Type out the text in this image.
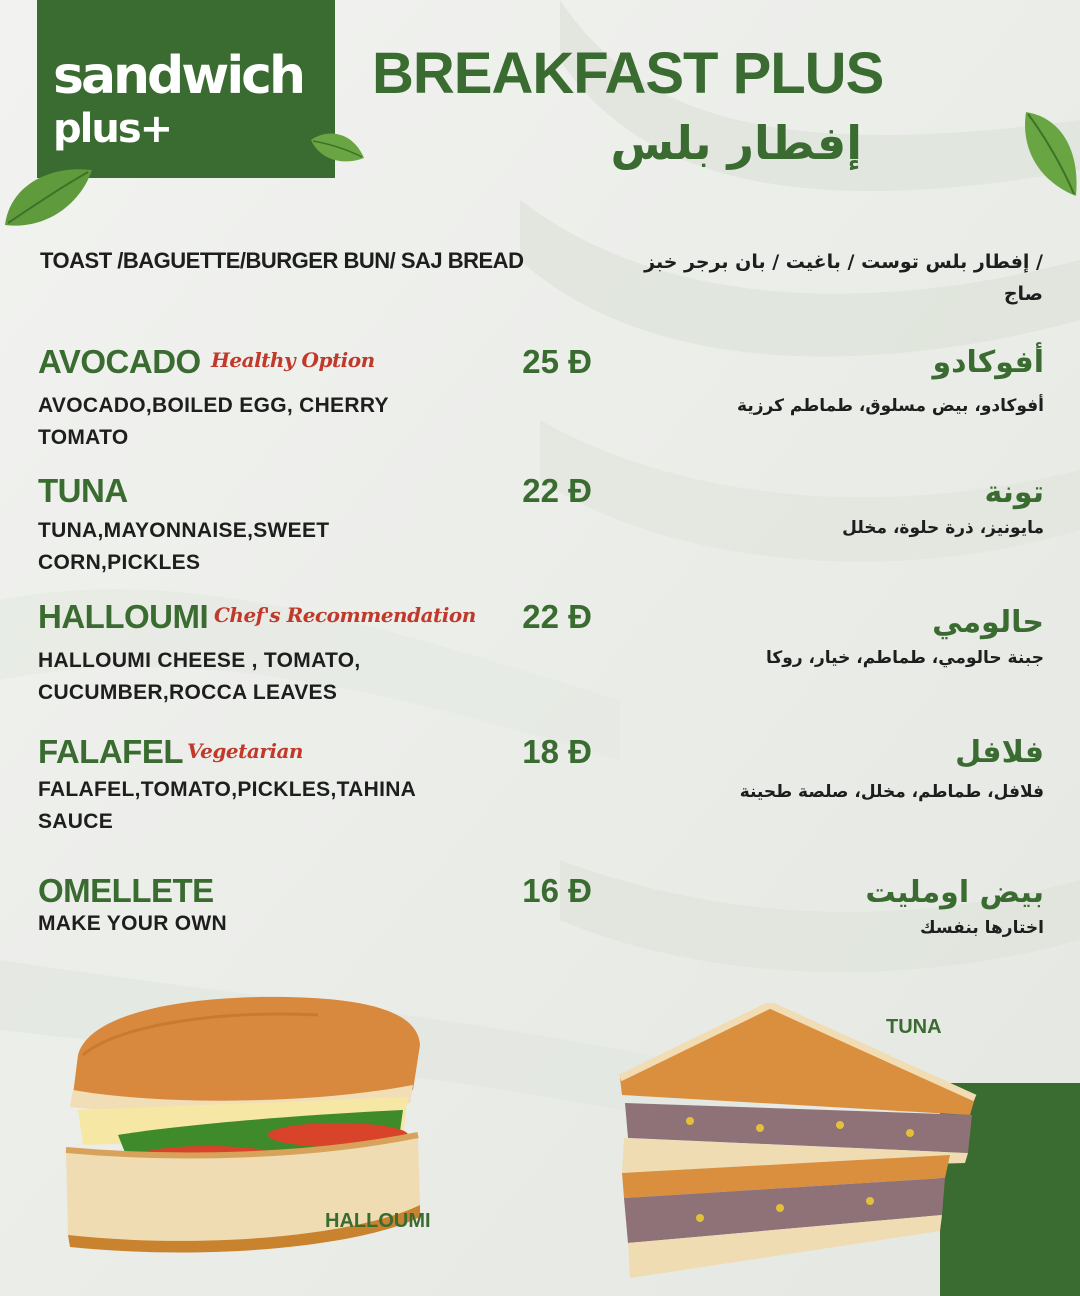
sandwich
plus+
BREAKFAST PLUS
إفطار بلس
TOAST /BAGUETTE/BURGER BUN/ SAJ BREAD	/ إفطار بلس توست / باغيت / بان برجر خبز صاج
AVOCADO Healthy Option	25 Đ
AVOCADO,BOILED EGG, CHERRY TOMATO
أفوكادو
أفوكادو، بيض مسلوق، طماطم كرزية
TUNA	22 Đ
TUNA,MAYONNAISE,SWEET CORN,PICKLES
تونة
مايونيز، ذرة حلوة، مخلل
HALLOUMI Chef's Recommendation 22 Đ
HALLOUMI CHEESE , TOMATO, CUCUMBER,ROCCA LEAVES
حالومي
جبنة حالومي، طماطم، خيار، روكا
FALAFEL Vegetarian	18 Đ
FALAFEL,TOMATO,PICKLES,TAHINA SAUCE
فلافل
فلافل، طماطم، مخلل، صلصة طحينة
OMELLETE	16 Đ
MAKE YOUR OWN
بيض اومليت
اختارها بنفسك
HALLOUMI
TUNA
